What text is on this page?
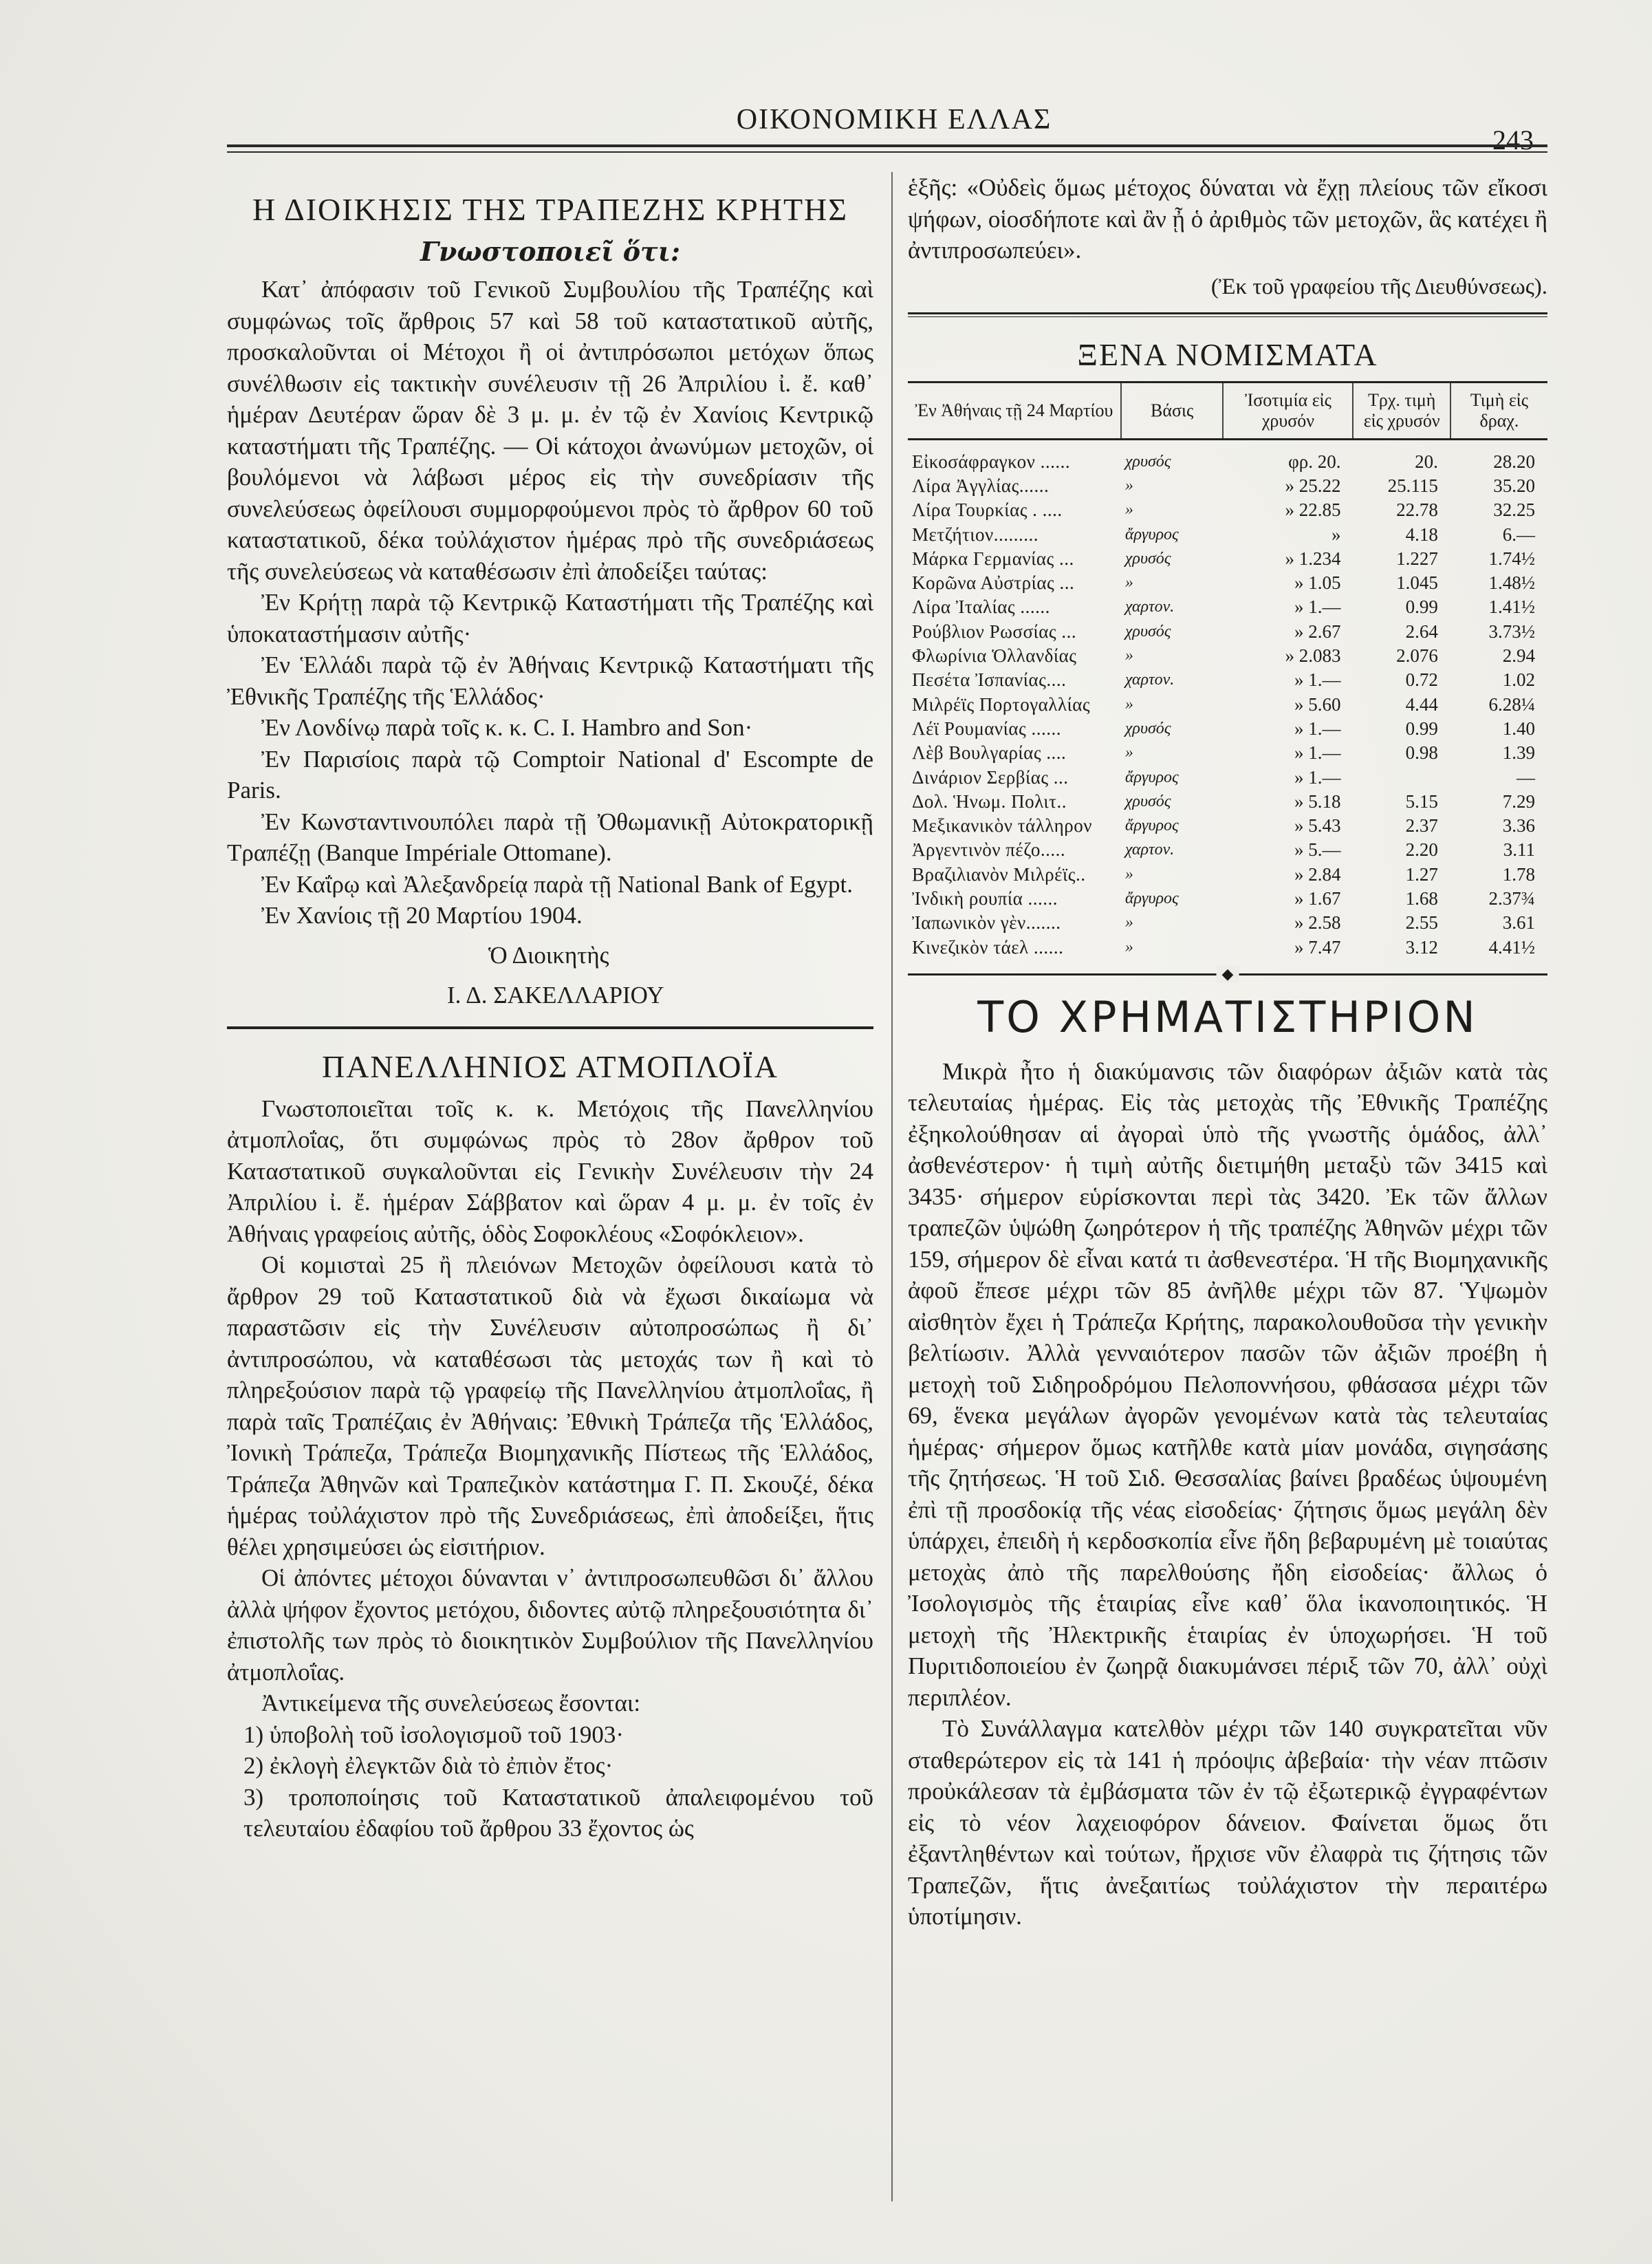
ΟΙΚΟΝΟΜΙΚΗ ΕΛΛΑΣ
243
Η ΔΙΟΙΚΗΣΙΣ ΤΗΣ ΤΡΑΠΕΖΗΣ ΚΡΗΤΗΣ
Γνωστοποιεῖ ὅτι:

Κατ᾽ ἀπόφασιν τοῦ Γενικοῦ Συμβουλίου τῆς Τραπέζης καὶ συμφώνως τοῖς ἄρθροις 57 καὶ 58 τοῦ καταστατικοῦ αὐτῆς, προσκαλοῦνται οἱ Μέτοχοι ἢ οἱ ἀντιπρόσωποι μετόχων ὅπως συνέλθωσιν εἰς τακτικὴν συνέλευσιν τῇ 26 Ἀπριλίου ἰ. ἔ. καθ᾽ ἡμέραν Δευτέραν ὥραν δὲ 3 μ. μ. ἐν τῷ ἐν Χανίοις Κεντρικῷ καταστήματι τῆς Τραπέζης. — Οἱ κάτοχοι ἀνωνύμων μετοχῶν, οἱ βουλόμενοι νὰ λάβωσι μέρος εἰς τὴν συνεδρίασιν τῆς συνελεύσεως ὀφείλουσι συμμορφούμενοι πρὸς τὸ ἄρθρον 60 τοῦ καταστατικοῦ, δέκα τοὐλάχιστον ἡμέρας πρὸ τῆς συνεδριάσεως τῆς συνελεύσεως νὰ καταθέσωσιν ἐπὶ ἀποδείξει ταύτας:

Ἐν Κρήτῃ παρὰ τῷ Κεντρικῷ Καταστήματι τῆς Τραπέζης καὶ ὑποκαταστήμασιν αὐτῆς·

Ἐν Ἑλλάδι παρὰ τῷ ἐν Ἀθήναις Κεντρικῷ Καταστήματι τῆς Ἐθνικῆς Τραπέζης τῆς Ἑλλάδος·

Ἐν Λονδίνῳ παρὰ τοῖς κ. κ. C. I. Hambro and Son·

Ἐν Παρισίοις παρὰ τῷ Comptoir National d' Escompte de Paris.

Ἐν Κωνσταντινουπόλει παρὰ τῇ Ὀθωμανικῇ Αὐτοκρατορικῇ Τραπέζῃ (Banque Impériale Ottomane).

Ἐν Καΐρῳ καὶ Ἀλεξανδρείᾳ παρὰ τῇ National Bank of Egypt.

Ἐν Χανίοις τῇ 20 Μαρτίου 1904.

Ὁ Διοικητὴς
Ι. Δ. ΣΑΚΕΛΛΑΡΙΟΥ
ΠΑΝΕΛΛΗΝΙΟΣ ΑΤΜΟΠΛΟΪΑ

Γνωστοποιεῖται τοῖς κ. κ. Μετόχοις τῆς Πανελληνίου ἀτμοπλοΐας, ὅτι συμφώνως πρὸς τὸ 28ον ἄρθρον τοῦ Καταστατικοῦ συγκαλοῦνται εἰς Γενικὴν Συνέλευσιν τὴν 24 Ἀπριλίου ἰ. ἔ. ἡμέραν Σάββατον καὶ ὥραν 4 μ. μ. ἐν τοῖς ἐν Ἀθήναις γραφείοις αὐτῆς, ὁδὸς Σοφοκλέους «Σοφόκλειον».

Οἱ κομισταὶ 25 ἢ πλειόνων Μετοχῶν ὀφείλουσι κατὰ τὸ ἄρθρον 29 τοῦ Καταστατικοῦ διὰ νὰ ἔχωσι δικαίωμα νὰ παραστῶσιν εἰς τὴν Συνέλευσιν αὐτοπροσώπως ἢ δι᾽ ἀντιπροσώπου, νὰ καταθέσωσι τὰς μετοχάς των ἢ καὶ τὸ πληρεξούσιον παρὰ τῷ γραφείῳ τῆς Πανελληνίου ἀτμοπλοΐας, ἢ παρὰ ταῖς Τραπέζαις ἐν Ἀθήναις: Ἐθνικὴ Τράπεζα τῆς Ἑλλάδος, Ἰονικὴ Τράπεζα, Τράπεζα Βιομηχανικῆς Πίστεως τῆς Ἑλλάδος, Τράπεζα Ἀθηνῶν καὶ Τραπεζικὸν κατάστημα Γ. Π. Σκουζέ, δέκα ἡμέρας τοὐλάχιστον πρὸ τῆς Συνεδριάσεως, ἐπὶ ἀποδείξει, ἥτις θέλει χρησιμεύσει ὡς εἰσιτήριον.

Οἱ ἀπόντες μέτοχοι δύνανται ν᾽ ἀντιπροσωπευθῶσι δι᾽ ἄλλου ἀλλὰ ψήφον ἔχοντος μετόχου, διδοντες αὐτῷ πληρεξουσιότητα δι᾽ ἐπιστολῆς των πρὸς τὸ διοικητικὸν Συμβούλιον τῆς Πανελληνίου ἀτμοπλοΐας.

Ἀντικείμενα τῆς συνελεύσεως ἔσονται:

1) ὑποβολὴ τοῦ ἰσολογισμοῦ τοῦ 1903·
2) ἐκλογὴ ἐλεγκτῶν διὰ τὸ ἐπιὸν ἔτος·
3) τροποποίησις τοῦ Καταστατικοῦ ἀπαλειφομένου τοῦ τελευταίου ἐδαφίου τοῦ ἄρθρου 33 ἔχοντος ὡς

ἑξῆς: «Οὐδεὶς ὅμως μέτοχος δύναται νὰ ἔχῃ πλείους τῶν εἴκοσι ψήφων, οἱοσδήποτε καὶ ἂν ᾖ ὁ ἀριθμὸς τῶν μετοχῶν, ἃς κατέχει ἢ ἀντιπροσωπεύει».

(Ἐκ τοῦ γραφείου τῆς Διευθύνσεως).
ΞΕΝΑ ΝΟΜΙΣΜΑΤΑ
Ἐν Ἀθήναις τῇ 24 Μαρτίου	Βάσις	Ἰσοτιμία εἰς χρυσόν	Τρχ. τιμὴ εἰς χρυσόν	Τιμὴ εἰς δραχ.
Εἰκοσάφραγκον ......	χρυσός	φρ. 20.	20.	28.20
Λίρα Ἀγγλίας......	»	» 25.22	25.115	35.20
Λίρα Τουρκίας . ....	»	» 22.85	22.78	32.25
Μετζήτιον.........	ἄργυρος	»	4.18	6.—
Μάρκα Γερμανίας ...	χρυσός	» 1.234	1.227	1.74½
Κορῶνα Αὐστρίας ...	»	» 1.05	1.045	1.48½
Λίρα Ἰταλίας ......	χαρτον.	» 1.—	0.99	1.41½
Ρούβλιον Ρωσσίας ...	χρυσός	» 2.67	2.64	3.73½
Φλωρίνια Ὁλλανδίας	»	» 2.083	2.076	2.94
Πεσέτα Ἰσπανίας....	χαρτον.	» 1.—	0.72	1.02
Μιλρέϊς Πορτογαλλίας	»	» 5.60	4.44	6.28¼
Λέϊ Ρουμανίας ......	χρυσός	» 1.—	0.99	1.40
Λὲβ Βουλγαρίας ....	»	» 1.—	0.98	1.39
Δινάριον Σερβίας ...	ἄργυρος	» 1.—		—
Δολ. Ἡνωμ. Πολιτ..	χρυσός	» 5.18	5.15	7.29
Μεξικανικὸν τάλληρον	ἄργυρος	» 5.43	2.37	3.36
Ἀργεντινὸν πέζο.....	χαρτον.	» 5.—	2.20	3.11
Βραζιλιανὸν Μιλρέϊς..	»	» 2.84	1.27	1.78
Ἰνδικὴ ρουπία ......	ἄργυρος	» 1.67	1.68	2.37¾
Ἰαπωνικὸν γὲν.......	»	» 2.58	2.55	3.61
Κινεζικὸν τάελ ......	»	» 7.47	3.12	4.41½
◆
ΤΟ ΧΡΗΜΑΤΙΣΤΗΡΙΟΝ

Μικρὰ ἦτο ἡ διακύμανσις τῶν διαφόρων ἀξιῶν κατὰ τὰς τελευταίας ἡμέρας. Εἰς τὰς μετοχὰς τῆς Ἐθνικῆς Τραπέζης ἐξηκολούθησαν αἱ ἀγοραὶ ὑπὸ τῆς γνωστῆς ὁμάδος, ἀλλ᾽ ἀσθενέστερον· ἡ τιμὴ αὐτῆς διετιμήθη μεταξὺ τῶν 3415 καὶ 3435· σήμερον εὑρίσκονται περὶ τὰς 3420. Ἐκ τῶν ἄλλων τραπεζῶν ὑψώθη ζωηρότερον ἡ τῆς τραπέζης Ἀθηνῶν μέχρι τῶν 159, σήμερον δὲ εἶναι κατά τι ἀσθενεστέρα. Ἡ τῆς Βιομηχανικῆς ἀφοῦ ἔπεσε μέχρι τῶν 85 ἀνῆλθε μέχρι τῶν 87. Ὑψωμὸν αἰσθητὸν ἔχει ἡ Τράπεζα Κρήτης, παρακολουθοῦσα τὴν γενικὴν βελτίωσιν. Ἀλλὰ γενναιότερον πασῶν τῶν ἀξιῶν προέβη ἡ μετοχὴ τοῦ Σιδηροδρόμου Πελοποννήσου, φθάσασα μέχρι τῶν 69, ἕνεκα μεγάλων ἀγορῶν γενομένων κατὰ τὰς τελευταίας ἡμέρας· σήμερον ὅμως κατῆλθε κατὰ μίαν μονάδα, σιγησάσης τῆς ζητήσεως. Ἡ τοῦ Σιδ. Θεσσαλίας βαίνει βραδέως ὑψουμένη ἐπὶ τῇ προσδοκίᾳ τῆς νέας εἰσοδείας· ζήτησις ὅμως μεγάλη δὲν ὑπάρχει, ἐπειδὴ ἡ κερδοσκοπία εἶνε ἤδη βεβαρυμένη μὲ τοιαύτας μετοχὰς ἀπὸ τῆς παρελθούσης ἤδη εἰσοδείας· ἄλλως ὁ Ἰσολογισμὸς τῆς ἑταιρίας εἶνε καθ᾽ ὅλα ἱκανοποιητικός. Ἡ μετοχὴ τῆς Ἠλεκτρικῆς ἑταιρίας ἐν ὑποχωρήσει. Ἡ τοῦ Πυριτιδοποιείου ἐν ζωηρᾷ διακυμάνσει πέριξ τῶν 70, ἀλλ᾽ οὐχὶ περιπλέον.

Τὸ Συνάλλαγμα κατελθὸν μέχρι τῶν 140 συγκρατεῖται νῦν σταθερώτερον εἰς τὰ 141 ἡ πρόοψις ἀβεβαία· τὴν νέαν πτῶσιν προὐκάλεσαν τὰ ἐμβάσματα τῶν ἐν τῷ ἐξωτερικῷ ἐγγραφέντων εἰς τὸ νέον λαχειοφόρον δάνειον. Φαίνεται ὅμως ὅτι ἐξαντληθέντων καὶ τούτων, ἤρχισε νῦν ἐλαφρὰ τις ζήτησις τῶν Τραπεζῶν, ἥτις ἀνεξαιτίως τοὐλάχιστον τὴν περαιτέρω ὑποτίμησιν.
